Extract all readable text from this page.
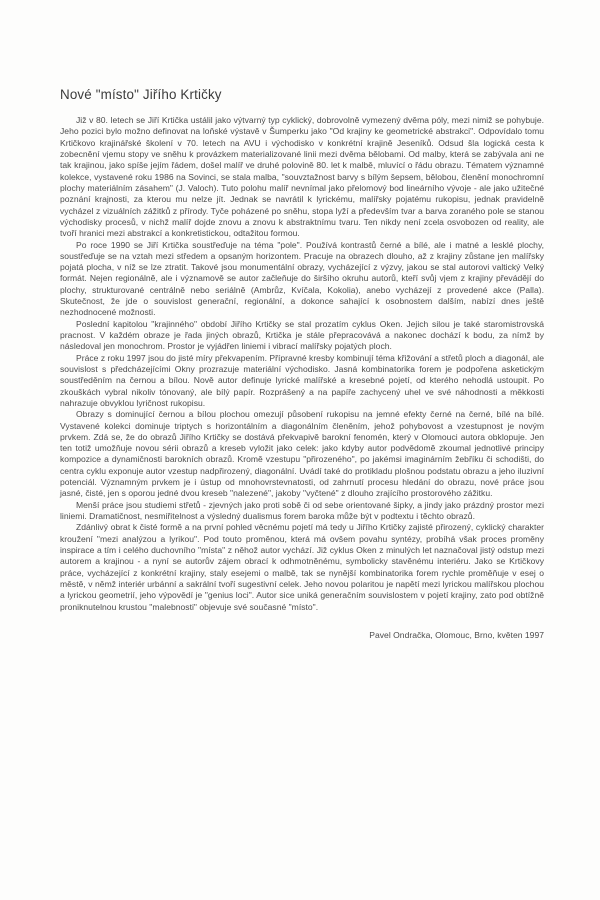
Nové "místo" Jiřího Krtičky

Již v 80. letech se Jiří Krtička ustálil jako výtvarný typ cyklický, dobrovolně vymezený dvěma póly, mezi nimiž se pohybuje. Jeho pozici bylo možno definovat na loňské výstavě v Šumperku jako "Od krajiny ke geometrické abstrakci". Odpovídalo tomu Krtičkovo krajinářské školení v 70. letech na AVU i východisko v konkrétní krajině Jeseníků. Odsud šla logická cesta k zobecnění vjemu stopy ve sněhu k provázkem materializované linii mezi dvěma bělobami. Od malby, která se zabývala ani ne tak krajinou, jako spíše jejím řádem, došel malíř ve druhé polovině 80. let k malbě, mluvící o řádu obrazu. Tématem významné kolekce, vystavené roku 1986 na Sovinci, se stala malba, "souvztažnost barvy s bílým šepsem, bělobou, členění monochromní plochy materiálním zásahem" (J. Valoch). Tuto polohu malíř nevnímal jako přelomový bod lineárního vývoje - ale jako užitečné poznání krajnosti, za kterou mu nelze jít. Jednak se navrátil k lyrickému, malířsky pojatému rukopisu, jednak pravidelně vycházel z vizuálních zážitků z přírody. Tyče poházené po sněhu, stopa lyží a především tvar a barva zoraného pole se stanou východisky procesů, v nichž malíř dojde znovu a znovu k abstraktnímu tvaru. Ten nikdy není zcela osvobozen od reality, ale tvoří hranici mezi abstrakcí a konkretistickou, odtažitou formou.

Po roce 1990 se Jiří Krtička soustřeďuje na téma "pole". Používá kontrastů černé a bílé, ale i matné a lesklé plochy, soustřeďuje se na vztah mezi středem a opsaným horizontem. Pracuje na obrazech dlouho, až z krajiny zůstane jen malířsky pojatá plocha, v níž se lze ztratit. Takové jsou monumentální obrazy, vycházející z výzvy, jakou se stal autorovi valtický Velký formát. Nejen regionálně, ale i významově se autor začleňuje do širšího okruhu autorů, kteří svůj vjem z krajiny převádějí do plochy, strukturované centrálně nebo seriálně (Ambrůz, Kvíčala, Kokolia), anebo vycházejí z provedené akce (Palla). Skutečnost, že jde o souvislost generační, regionální, a dokonce sahající k osobnostem dalším, nabízí dnes ještě nezhodnocené možnosti.

Poslední kapitolou "krajinného" období Jiřího Krtičky se stal prozatím cyklus Oken. Jejich silou je také staromistrovská pracnost. V každém obraze je řada jiných obrazů, Krtička je stále přepracovává a nakonec dochází k bodu, za nímž by následoval jen monochrom. Prostor je vyjádřen liniemi i vibrací malířsky pojatých ploch.

Práce z roku 1997 jsou do jisté míry překvapením. Přípravné kresby kombinují téma křižování a střetů ploch a diagonál, ale souvislost s předcházejícími Okny prozrazuje materiální východisko. Jasná kombinatorika forem je podpořena asketickým soustředěním na černou a bílou. Nově autor definuje lyrické malířské a kresebné pojetí, od kterého nehodlá ustoupit. Po zkouškách vybral nikoliv tónovaný, ale bílý papír. Rozprášený a na papíře zachycený uhel ve své náhodnosti a měkkosti nahrazuje obvyklou lyričnost rukopisu.

Obrazy s dominující černou a bílou plochou omezují působení rukopisu na jemné efekty černé na černé, bílé na bílé. Vystavené kolekci dominuje triptych s horizontálním a diagonálním členěním, jehož pohybovost a vzestupnost je novým prvkem. Zdá se, že do obrazů Jiřího Krtičky se dostává překvapivě barokní fenomén, který v Olomouci autora obklopuje. Jen ten totiž umožňuje novou sérii obrazů a kreseb vyložit jako celek: jako kdyby autor podvědomě zkoumal jednotlivé principy kompozice a dynamičnosti barokních obrazů. Kromě vzestupu "přirozeného", po jakémsi imaginárním žebříku či schodišti, do centra cyklu exponuje autor vzestup nadpřirozený, diagonální. Uvádí také do protikladu plošnou podstatu obrazu a jeho iluzivní potenciál. Významným prvkem je i ústup od mnohovrstevnatosti, od zahrnutí procesu hledání do obrazu, nové práce jsou jasné, čisté, jen s oporou jedné dvou kreseb "nalezené", jakoby "vyčtené" z dlouho zrajícího prostorového zážitku.

Menší práce jsou studiemi střetů - zjevných jako proti sobě či od sebe orientované šipky, a jindy jako prázdný prostor mezi liniemi. Dramatičnost, nesmiřitelnost a výsledný dualismus forem baroka může být v podtextu i těchto obrazů.

Zdánlivý obrat k čisté formě a na první pohled věcnému pojetí má tedy u Jiřího Krtičky zajisté přirozený, cyklický charakter kroužení "mezi analýzou a lyrikou". Pod touto proměnou, která má ovšem povahu syntézy, probíhá však proces proměny inspirace a tím i celého duchovního "místa" z něhož autor vychází. Již cyklus Oken z minulých let naznačoval jistý odstup mezi autorem a krajinou - a nyní se autorův zájem obrací k odhmotněnému, symbolicky stavěnému interiéru. Jako se Krtičkovy práce, vycházející z konkrétní krajiny, staly esejemi o malbě, tak se nynější kombinatorika forem rychle proměňuje v esej o městě, v němž interiér urbánní a sakrální tvoří sugestivní celek. Jeho novou polaritou je napětí mezi lyrickou malířskou plochou a lyrickou geometrií, jeho výpovědí je "genius loci". Autor sice uniká generačním souvislostem v pojetí krajiny, zato pod obtížně proniknutelnou krustou "malebnosti" objevuje své současné "místo".

Pavel Ondračka, Olomouc, Brno, květen 1997
